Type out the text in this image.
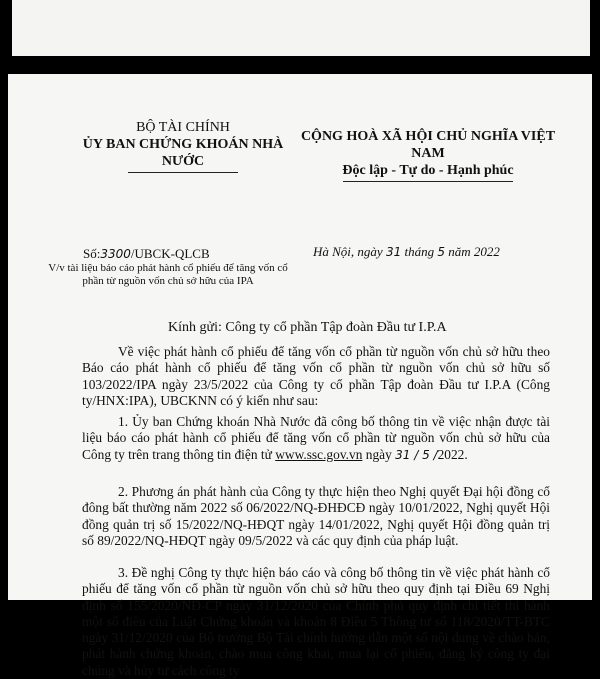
BỘ TÀI CHÍNH
ỦY BAN CHỨNG KHOÁN NHÀ NƯỚC
CỘNG HOÀ XÃ HỘI CHỦ NGHĨA VIỆT NAM
Độc lập - Tự do - Hạnh phúc
Số:3300/UBCK-QLCB
V/v tài liệu báo cáo phát hành cổ phiếu để tăng vốn cổ phần từ nguồn vốn chủ sở hữu của IPA
Hà Nội, ngày 31 tháng 5 năm 2022
Kính gửi: Công ty cổ phần Tập đoàn Đầu tư I.P.A
Về việc phát hành cổ phiếu để tăng vốn cổ phần từ nguồn vốn chủ sở hữu theo Báo cáo phát hành cổ phiếu để tăng vốn cổ phần từ nguồn vốn chủ sở hữu số 103/2022/IPA ngày 23/5/2022 của Công ty cổ phần Tập đoàn Đầu tư I.P.A (Công ty/HNX:IPA), UBCKNN có ý kiến như sau:
1. Ủy ban Chứng khoán Nhà Nước đã công bố thông tin về việc nhận được tài liệu báo cáo phát hành cổ phiếu để tăng vốn cổ phần từ nguồn vốn chủ sở hữu của Công ty trên trang thông tin điện tử www.ssc.gov.vn ngày 31 / 5 /2022.
2. Phương án phát hành của Công ty thực hiện theo Nghị quyết Đại hội đồng cổ đông bất thường năm 2022 số 06/2022/NQ-ĐHĐCĐ ngày 10/01/2022, Nghị quyết Hội đồng quản trị số 15/2022/NQ-HĐQT ngày 14/01/2022, Nghị quyết Hội đồng quản trị số 89/2022/NQ-HĐQT ngày 09/5/2022 và các quy định của pháp luật.
3. Đề nghị Công ty thực hiện báo cáo và công bố thông tin về việc phát hành cổ phiếu để tăng vốn cổ phần từ nguồn vốn chủ sở hữu theo quy định tại Điều 69 Nghị định số 155/2020/NĐ-CP ngày 31/12/2020 của Chính phủ quy định chi tiết thi hành một số điều của Luật Chứng khoán và khoản 8 Điều 5 Thông tư số 118/2020/TT-BTC ngày 31/12/2020 của Bộ trưởng Bộ Tài chính hướng dẫn một số nội dung về chào bán, phát hành chứng khoán, chào mua công khai, mua lại cổ phiếu, đăng ký công ty đại chúng và hủy tư cách công ty
